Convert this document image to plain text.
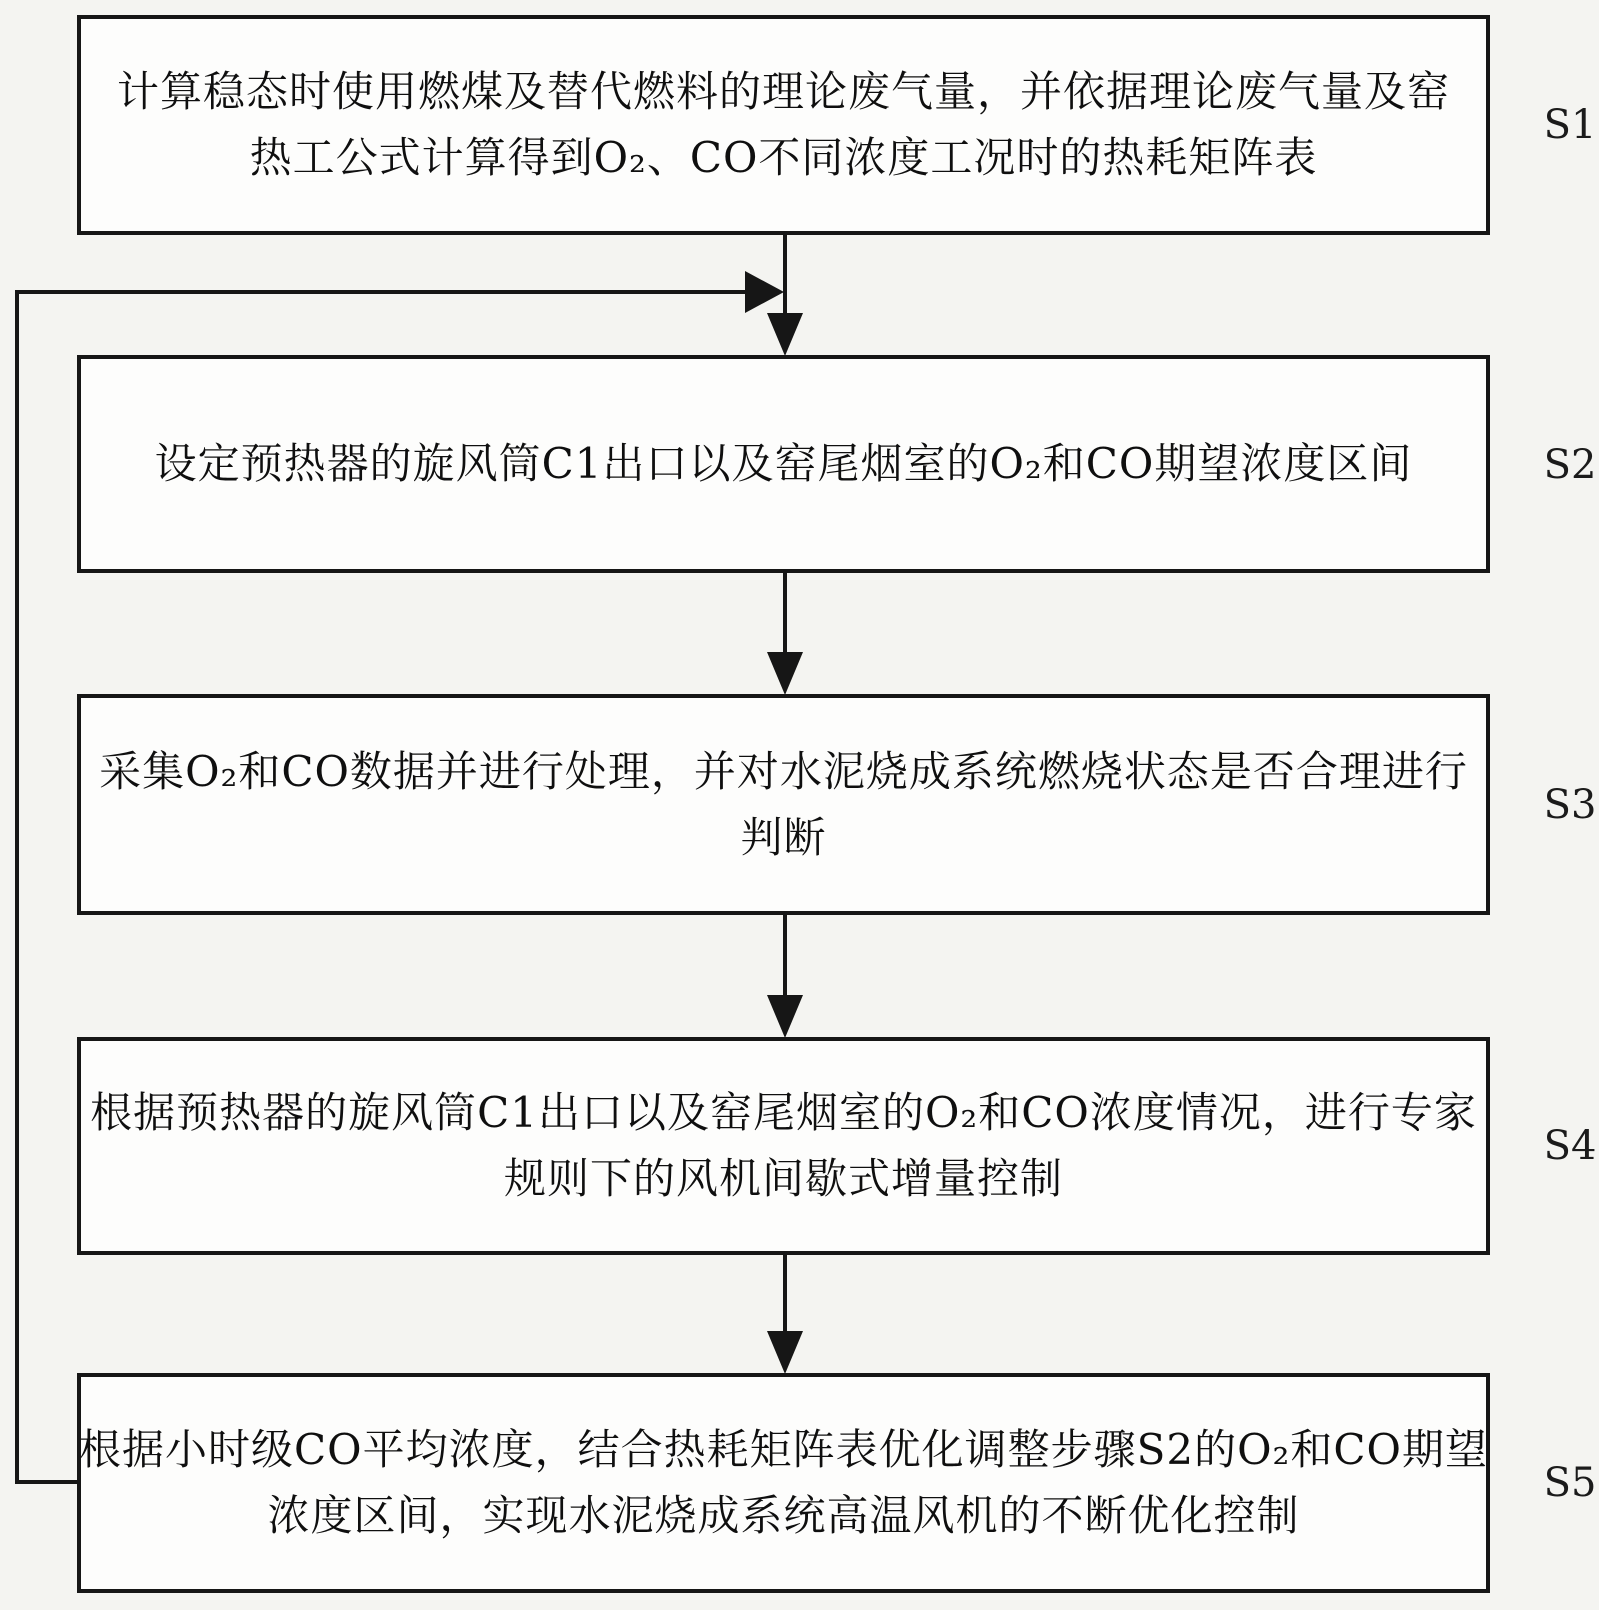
计算稳态时使用燃煤及替代燃料的理论废气量，并依据理论废气量及窑
热工公式计算得到O₂、CO不同浓度工况时的热耗矩阵表
设定预热器的旋风筒C1出口以及窑尾烟室的O₂和CO期望浓度区间
采集O₂和CO数据并进行处理，并对水泥烧成系统燃烧状态是否合理进行
判断
根据预热器的旋风筒C1出口以及窑尾烟室的O₂和CO浓度情况，进行专家
规则下的风机间歇式增量控制
根据小时级CO平均浓度，结合热耗矩阵表优化调整步骤S2的O₂和CO期望
浓度区间，实现水泥烧成系统高温风机的不断优化控制
S1
S2
S3
S4
S5
